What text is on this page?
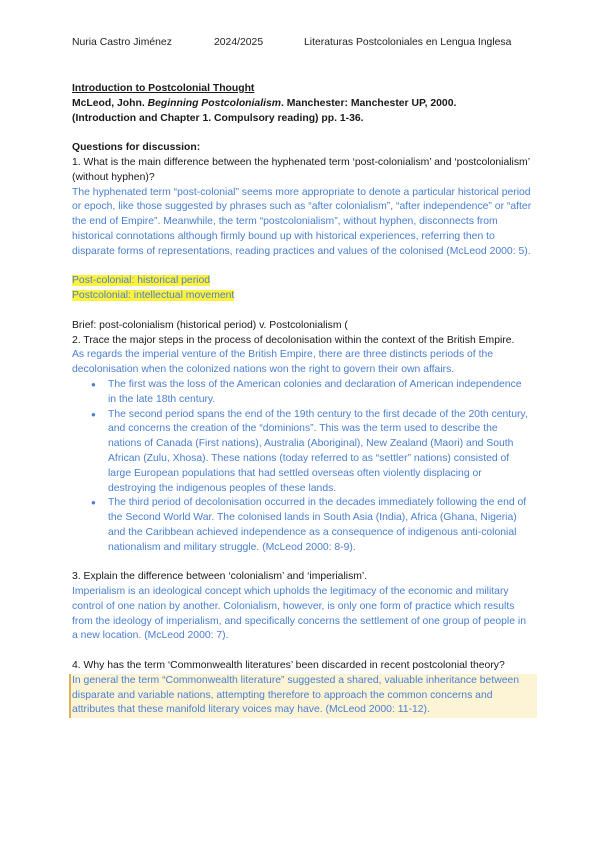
Nuria Castro Jiménez	2024/2025	Literaturas Postcoloniales en Lengua Inglesa

Introduction to Postcolonial Thought

McLeod, John. Beginning Postcolonialism. Manchester: Manchester UP, 2000.

(Introduction and Chapter 1. Compulsory reading) pp. 1-36.

Questions for discussion:

1. What is the main difference between the hyphenated term ‘post-colonialism’ and ‘postcolonialism’ (without hyphen)?

The hyphenated term “post-colonial” seems more appropriate to denote a particular historical period or epoch, like those suggested by phrases such as “after colonialism”, “after independence” or “after the end of Empire”. Meanwhile, the term “postcolonialism”, without hyphen, disconnects from historical connotations although firmly bound up with historical experiences, referring then to disparate forms of representations, reading practices and values of the colonised (McLeod 2000: 5).

Post-colonial: historical period

Postcolonial: intellectual movement

Brief: post-colonialism (historical period) v. Postcolonialism (

2. Trace the major steps in the process of decolonisation within the context of the British Empire.

As regards the imperial venture of the British Empire, there are three distincts periods of the decolonisation when the colonized nations won the right to govern their own affairs.

● The first was the loss of the American colonies and declaration of American independence in the late 18th century.
● The second period spans the end of the 19th century to the first decade of the 20th century, and concerns the creation of the “dominions”. This was the term used to describe the nations of Canada (First nations), Australia (Aboriginal), New Zealand (Maori) and South African (Zulu, Xhosa). These nations (today referred to as “settler” nations) consisted of large European populations that had settled overseas often violently displacing or destroying the indigenous peoples of these lands.
● The third period of decolonisation occurred in the decades immediately following the end of the Second World War. The colonised lands in South Asia (India), Africa (Ghana, Nigeria) and the Caribbean achieved independence as a consequence of indigenous anti-colonial nationalism and military struggle. (McLeod 2000: 8-9).

3. Explain the difference between ‘colonialism’ and ‘imperialism’.

Imperialism is an ideological concept which upholds the legitimacy of the economic and military control of one nation by another. Colonialism, however, is only one form of practice which results from the ideology of imperialism, and specifically concerns the settlement of one group of people in a new location. (McLeod 2000: 7).

4. Why has the term ‘Commonwealth literatures’ been discarded in recent postcolonial theory?

In general the term “Commonwealth literature” suggested a shared, valuable inheritance between disparate and variable nations, attempting therefore to approach the common concerns and attributes that these manifold literary voices may have. (McLeod 2000: 11-12).
